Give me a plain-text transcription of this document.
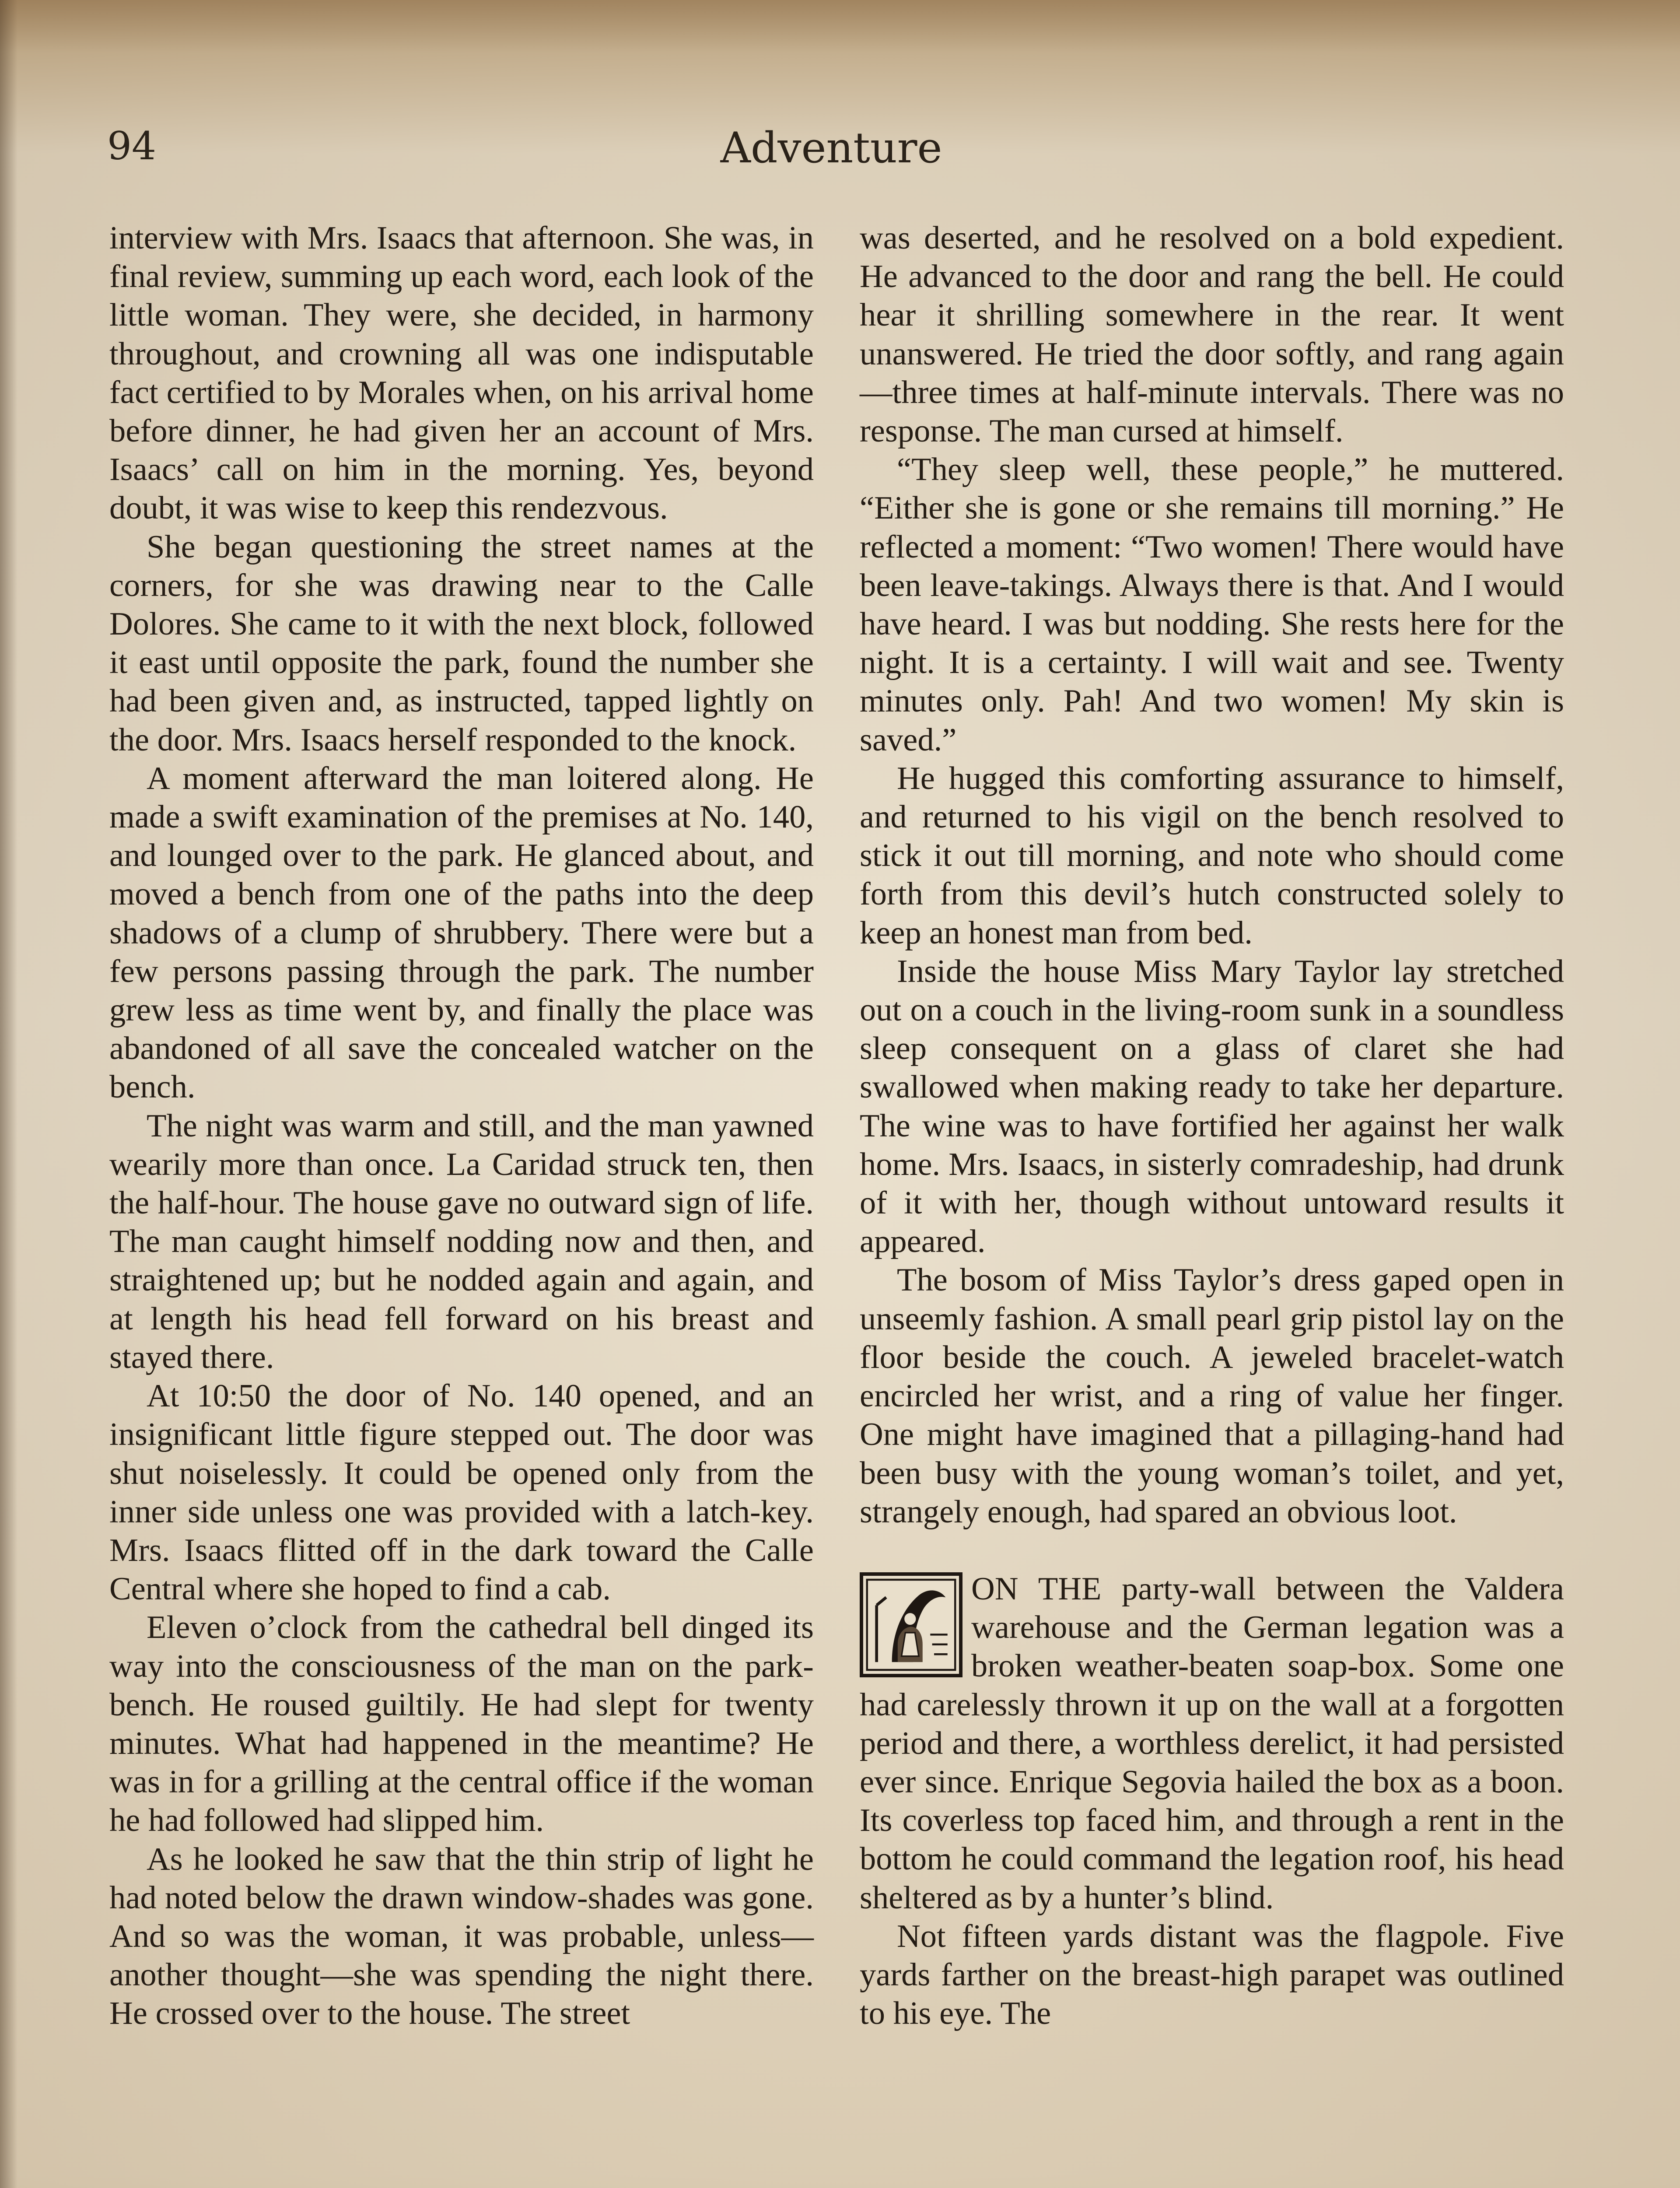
94	Adventure

interview with Mrs. Isaacs that afternoon. She was, in final review, summing up each word, each look of the little woman. They were, she decided, in harmony throughout, and crowning all was one indisputable fact certified to by Morales when, on his arrival home before dinner, he had given her an account of Mrs. Isaacs’ call on him in the morning. Yes, beyond doubt, it was wise to keep this rendezvous.

She began questioning the street names at the corners, for she was drawing near to the Calle Dolores. She came to it with the next block, followed it east until opposite the park, found the number she had been given and, as instructed, tapped lightly on the door. Mrs. Isaacs herself responded to the knock.

A moment afterward the man loitered along. He made a swift examination of the premises at No. 140, and lounged over to the park. He glanced about, and moved a bench from one of the paths into the deep shadows of a clump of shrubbery. There were but a few persons passing through the park. The number grew less as time went by, and finally the place was abandoned of all save the concealed watcher on the bench.

The night was warm and still, and the man yawned wearily more than once. La Caridad struck ten, then the half-hour. The house gave no outward sign of life. The man caught himself nodding now and then, and straightened up; but he nodded again and again, and at length his head fell forward on his breast and stayed there.

At 10:50 the door of No. 140 opened, and an insignificant little figure stepped out. The door was shut noiselessly. It could be opened only from the inner side unless one was provided with a latch-key. Mrs. Isaacs flitted off in the dark toward the Calle Central where she hoped to find a cab.

Eleven o’clock from the cathedral bell dinged its way into the consciousness of the man on the park-bench. He roused guiltily. He had slept for twenty minutes. What had happened in the meantime? He was in for a grilling at the central office if the woman he had followed had slipped him.

As he looked he saw that the thin strip of light he had noted below the drawn window-shades was gone. And so was the woman, it was probable, unless—another thought—she was spending the night there. He crossed over to the house. The street

was deserted, and he resolved on a bold expedient. He advanced to the door and rang the bell. He could hear it shrilling somewhere in the rear. It went unanswered. He tried the door softly, and rang again—three times at half-minute intervals. There was no response. The man cursed at himself.

“They sleep well, these people,” he muttered. “Either she is gone or she remains till morning.” He reflected a moment: “Two women! There would have been leave-takings. Always there is that. And I would have heard. I was but nodding. She rests here for the night. It is a certainty. I will wait and see. Twenty minutes only. Pah! And two women! My skin is saved.”

He hugged this comforting assurance to himself, and returned to his vigil on the bench resolved to stick it out till morning, and note who should come forth from this devil’s hutch constructed solely to keep an honest man from bed.

Inside the house Miss Mary Taylor lay stretched out on a couch in the living-room sunk in a soundless sleep consequent on a glass of claret she had swallowed when making ready to take her departure. The wine was to have fortified her against her walk home. Mrs. Isaacs, in sisterly comradeship, had drunk of it with her, though without untoward results it appeared.

The bosom of Miss Taylor’s dress gaped open in unseemly fashion. A small pearl grip pistol lay on the floor beside the couch. A jeweled bracelet-watch encircled her wrist, and a ring of value her finger. One might have imagined that a pillaging-hand had been busy with the young woman’s toilet, and yet, strangely enough, had spared an obvious loot.

ON THE party-wall between the Valdera warehouse and the German legation was a broken weather-beaten soap-box. Some one had carelessly thrown it up on the wall at a forgotten period and there, a worthless derelict, it had persisted ever since. Enrique Segovia hailed the box as a boon. Its coverless top faced him, and through a rent in the bottom he could command the legation roof, his head sheltered as by a hunter’s blind.

Not fifteen yards distant was the flagpole. Five yards farther on the breast-high parapet was outlined to his eye. The
